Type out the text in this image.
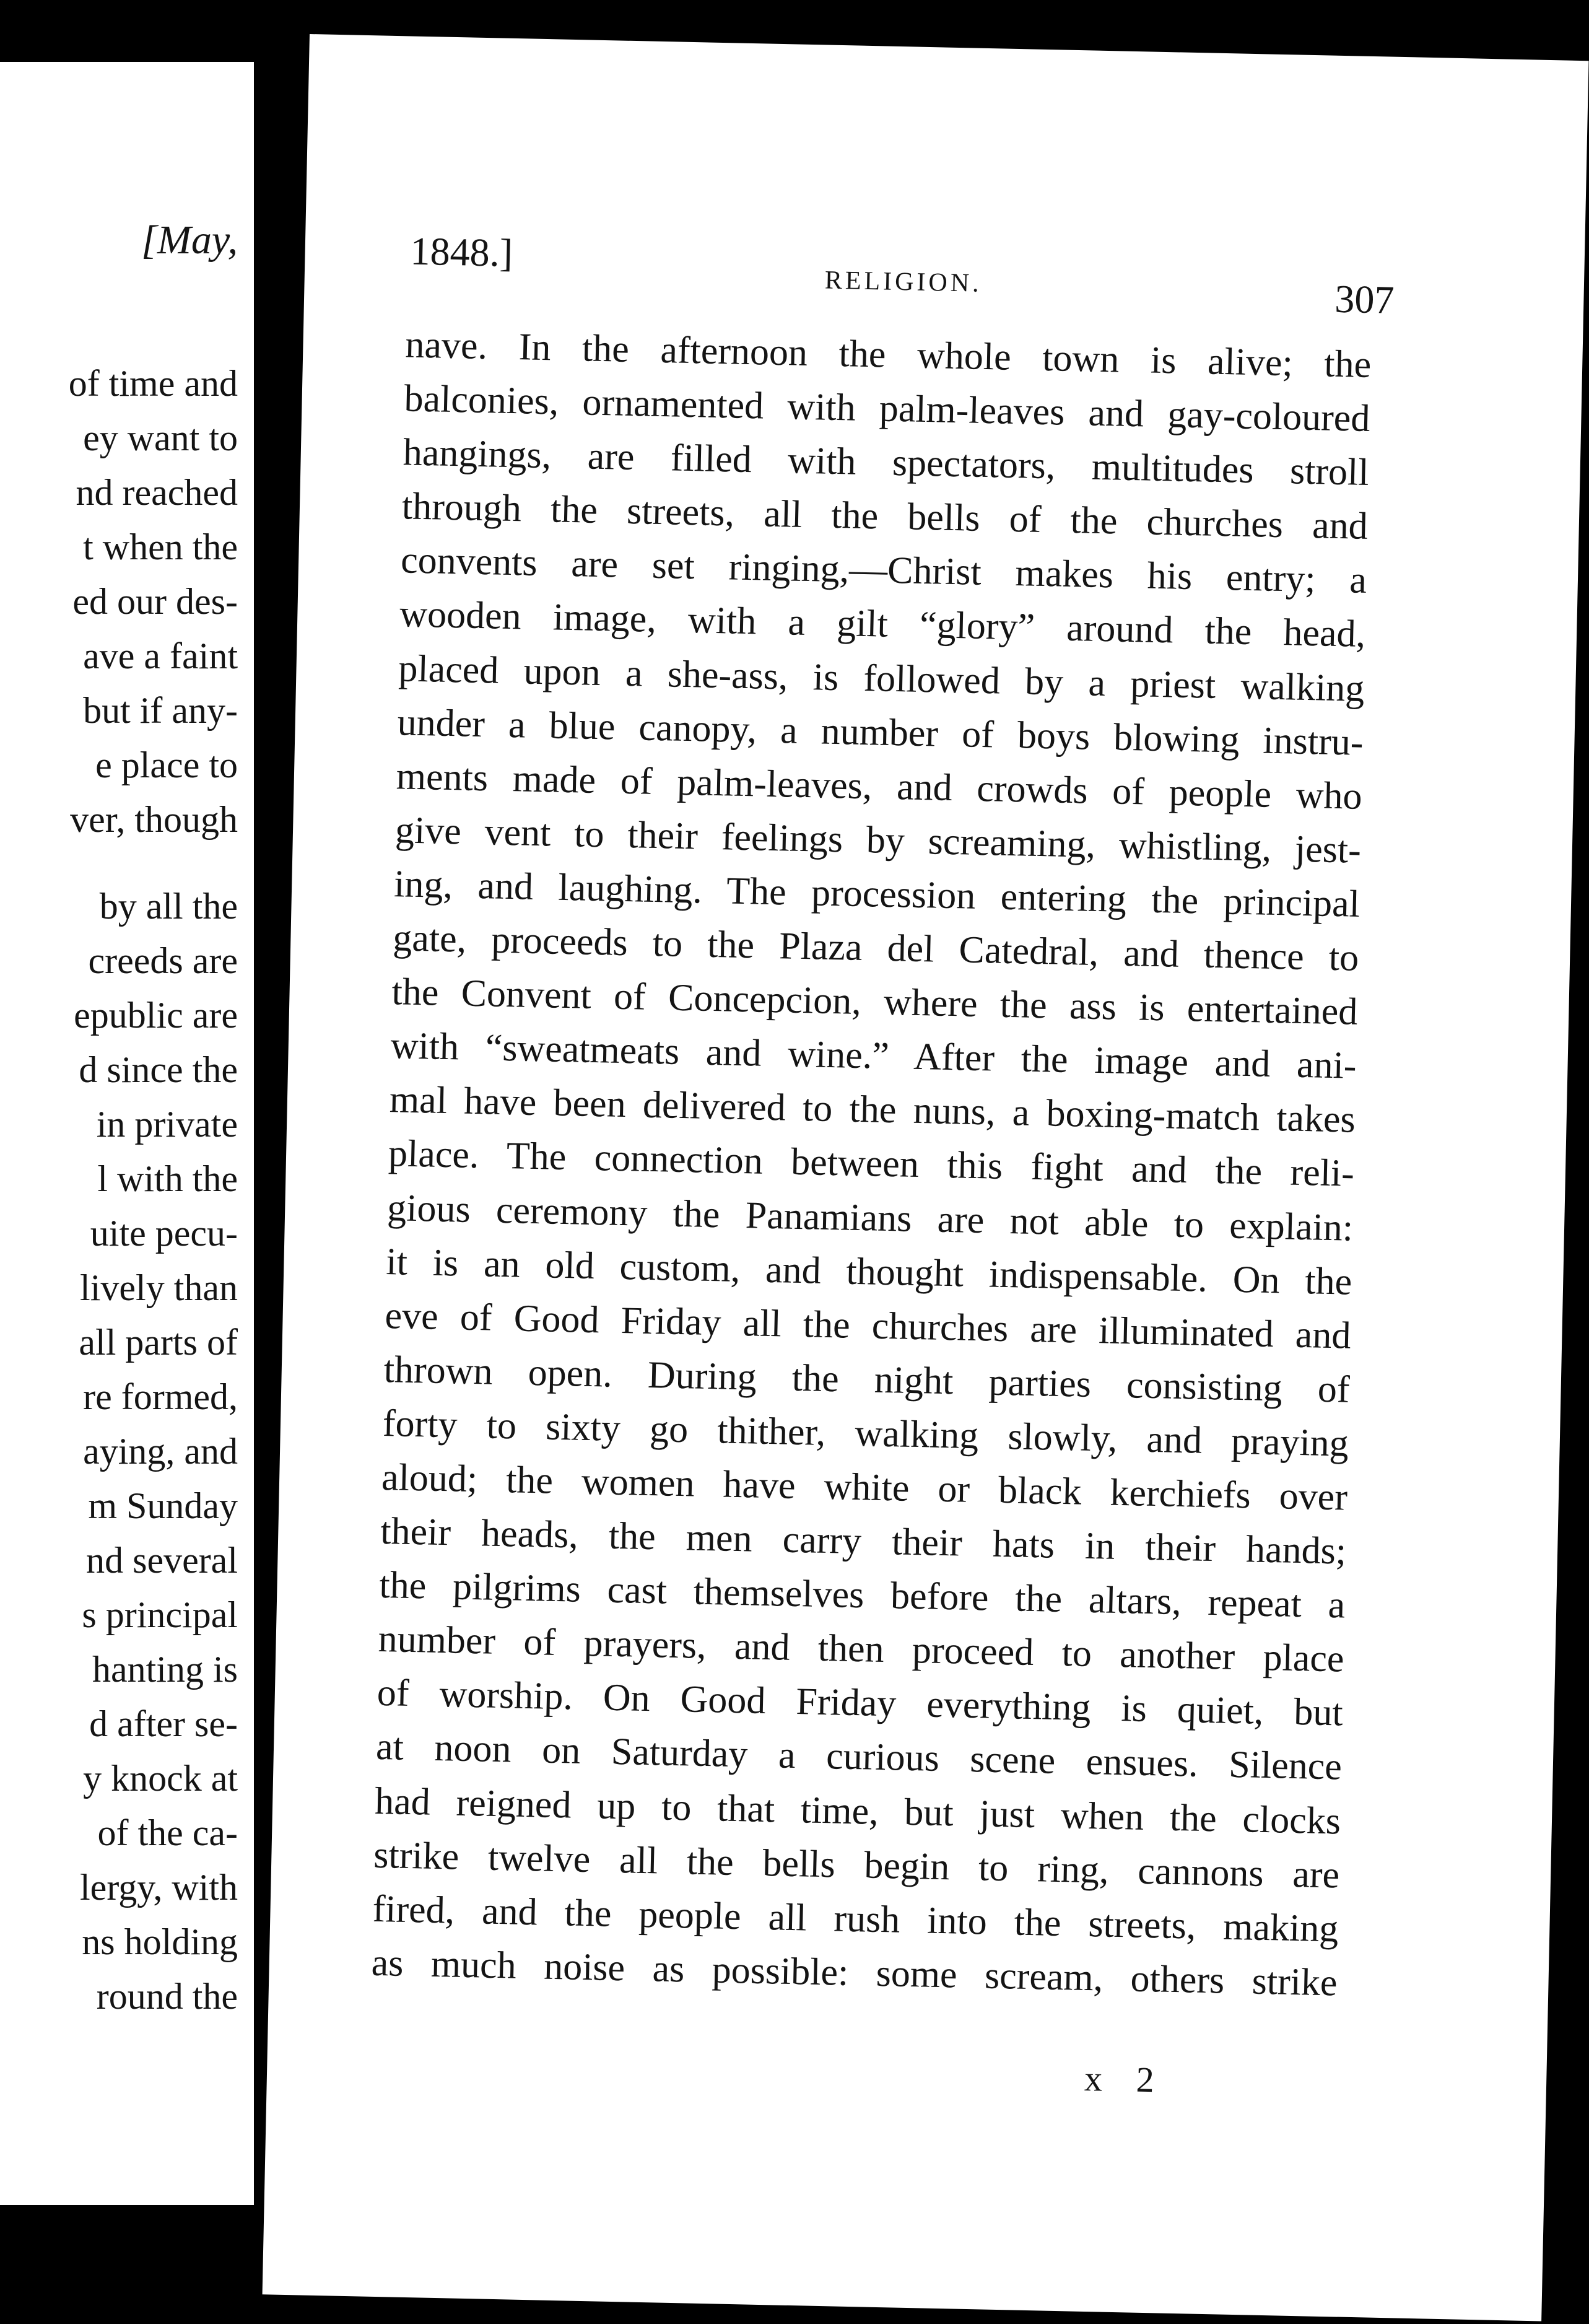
[May,
of time and
ey want to
nd reached
t when the
ed our des-
ave a faint
but if any-
e place to
ver, though
by all the
creeds are
epublic are
d since the
in private
l with the
uite pecu-
lively than
all parts of
re formed,
aying, and
m Sunday
nd several
s principal
hanting is
d after se-
y knock at
of the ca-
lergy, with
ns holding
round the
1848.]
RELIGION.	307
nave. In the afternoon the whole town is alive; the
balconies, ornamented with palm-leaves and gay-coloured
hangings, are filled with spectators, multitudes stroll
through the streets, all the bells of the churches and
convents are set ringing,—Christ makes his entry; a
wooden image, with a gilt “glory” around the head,
placed upon a she-ass, is followed by a priest walking
under a blue canopy, a number of boys blowing instru-
ments made of palm-leaves, and crowds of people who
give vent to their feelings by screaming, whistling, jest-
ing, and laughing. The procession entering the principal
gate, proceeds to the Plaza del Catedral, and thence to
the Convent of Concepcion, where the ass is entertained
with “sweatmeats and wine.” After the image and ani-
mal have been delivered to the nuns, a boxing-match takes
place. The connection between this fight and the reli-
gious ceremony the Panamians are not able to explain:
it is an old custom, and thought indispensable. On the
eve of Good Friday all the churches are illuminated and
thrown open. During the night parties consisting of
forty to sixty go thither, walking slowly, and praying
aloud; the women have white or black kerchiefs over
their heads, the men carry their hats in their hands;
the pilgrims cast themselves before the altars, repeat a
number of prayers, and then proceed to another place
of worship. On Good Friday everything is quiet, but
at noon on Saturday a curious scene ensues. Silence
had reigned up to that time, but just when the clocks
strike twelve all the bells begin to ring, cannons are
fired, and the people all rush into the streets, making
as much noise as possible: some scream, others strike
x 2
